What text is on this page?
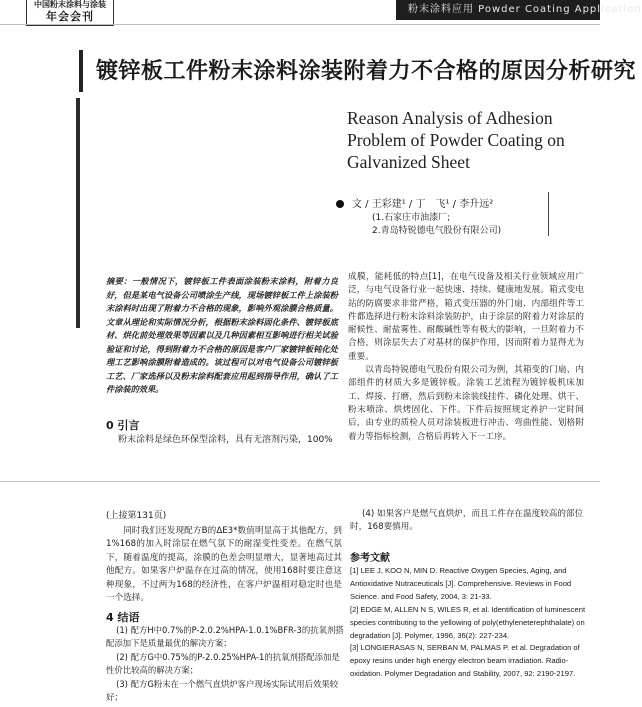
中国粉末涂料与涂装
年会会刊
粉末涂料应用 Powder Coating Application
镀锌板工件粉末涂料涂装附着力不合格的原因分析研究
Reason Analysis of Adhesion
Problem of Powder Coating on
Galvanized Sheet
文 / 王彩建¹ / 丁　飞¹ / 李升远²
(1.石家庄市油漆厂;
2.青岛特锐德电气股份有限公司)
摘要：一般情况下，镀锌板工件表面涂装粉末涂料，附着力良好，但是某电气设备公司喷涂生产线，现场镀锌板工件上涂装粉末涂料时出现了附着力不合格的现象，影响外观涂膜合格质量。文章从理论和实际情况分析，根据粉末涂料固化条件、镀锌板底材、烘化前处理效果等因素以及几种因素相互影响进行相关试验验证和讨论，得到附着力不合格的原因是客户厂家镀锌板钝化处理工艺影响涂膜附着造成的。该过程可以对电气设备公司镀锌板工艺、厂家选择以及粉末涂料配套应用起到指导作用，确认了工件涂装的效果。
0 引言
粉末涂料是绿色环保型涂料，具有无溶剂污染，100%

成膜，能耗低的特点[1]，在电气设备及相关行业领域应用广泛，与电气设备行业一起快速、持续、健康地发展。箱式变电站的防腐要求非常严格，箱式变压器的外门扇、内部组件等工件都选择进行粉末涂料涂装防护，由于涂层的附着力对涂层的耐候性、耐盐雾性、耐酸碱性等有极大的影响，一旦附着力不合格，则涂层失去了对基材的保护作用，因而附着力显得尤为重要。

以青岛特锐德电气股份有限公司为例，其箱变的门扇、内部组件的材质大多是镀锌板。涂装工艺流程为镀锌板机床加工、焊接、打磨，然后到粉末涂装线挂件、磷化处理、烘干、粉末喷涂、烘烤固化、下件。下件后按照规定养护一定时间后，由专业的质检人员对涂装板进行冲击、弯曲性能、划格附着力等指标检测，合格后再转入下一工序。

(上接第131页)

同时我们还发现配方B的ΔE3*数值明显高于其他配方，到1%168的加入时涂层在燃气氛下的耐湿变性变差。在燃气氛下，随着温度的提高，涂膜的色差会明显增大，显著地高过其他配方。如果客户炉温存在过高的情况，使用168时要注意这种现象，不过两为168的经济性，在客户炉温相对稳定时也是一个选择。

4 结语

(1) 配方H中0.7%的P-2.0.2%HPA-1.0.1%BFR-3的抗氧剂搭配添加下是质量最优的解决方案；

(2) 配方G中0.75%的P-2.0.25%HPA-1的抗氧剂搭配添加是性价比较高的解决方案；

(3) 配方G粉末在一个燃气直烘炉客户现场实际试用后效果较好；

(4) 如果客户是燃气直烘炉，而且工件存在温度较高的部位时，168要慎用。
参考文献

[1] LEE J, KOO N, MIN D. Reactive Oxygen Species, Aging, and Antioxidative Nutraceuticals [J]. Comprehensive. Reviews in Food Science. and Food Safety, 2004, 3: 21-33.

[2] EDGE M, ALLEN N S, WILES R, et al. Identification of luminescent species contributing to the yellowing of poly(ethyleneterephthalate) on degradation [J]. Polymer, 1996, 36(2): 227-234.

[3] LONGIERASAS N, SERBAN M, PALMAS P. et al. Degradation of epoxy resins under high energy electron beam irradiation. Radio-oxidation. Polymer Degradation and Stability, 2007, 92: 2190-2197.
